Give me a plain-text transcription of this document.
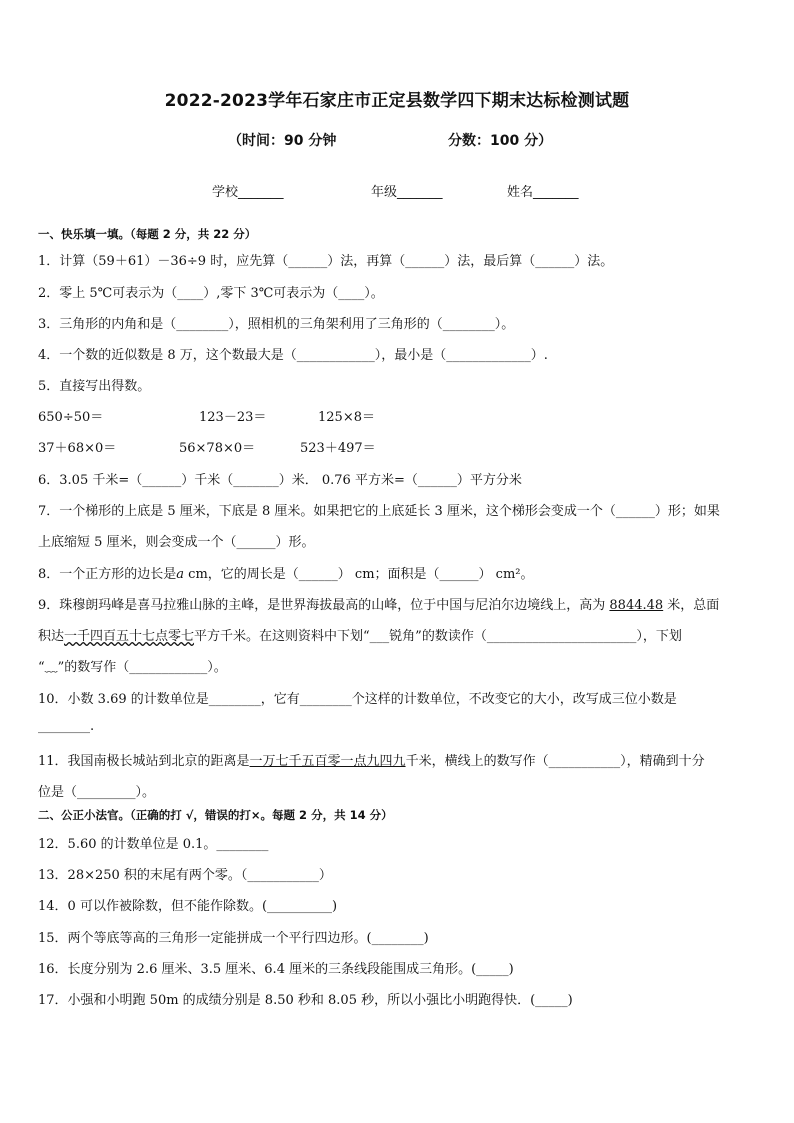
2022-2023学年石家庄市正定县数学四下期末达标检测试题
（时间：90 分钟	分数：100 分）
学校_______	年级_______	姓名_______
一、快乐填一填。（每题 2 分，共 22 分）
1．计算（59＋61）－36÷9 时，应先算（______）法，再算（______）法，最后算（______）法。
2．零上 5℃可表示为（____）,零下 3℃可表示为（____）。
3．三角形的内角和是（________），照相机的三角架利用了三角形的（________）。
4．一个数的近似数是 8 万，这个数最大是（____________），最小是（_____________）.
5．直接写出得数。
650÷50＝	123－23＝	125×8＝
37＋68×0＝	56×78×0＝	523＋497＝
6．3.05 千米=（______）千米（_______）米． 0.76 平方米=（______）平方分米
7．一个梯形的上底是 5 厘米，下底是 8 厘米。如果把它的上底延长 3 厘米，这个梯形会变成一个（______）形；如果
上底缩短 5 厘米，则会变成一个（______）形。
8．一个正方形的边长是a cm，它的周长是（______） cm；面积是（______） cm²。
9．珠穆朗玛峰是喜马拉雅山脉的主峰，是世界海拔最高的山峰，位于中国与尼泊尔边境线上，高为 8844.48 米，总面
积达一千四百五十七点零七平方千米。在这则资料中下划“___锐角”的数读作（_______________________），下划
“﹏”的数写作（____________）。
10．小数 3.69 的计数单位是________，它有________个这样的计数单位，不改变它的大小，改写成三位小数是
________.
11．我国南极长城站到北京的距离是一万七千五百零一点九四九千米，横线上的数写作（___________），精确到十分
位是（_________）。
二、公正小法官。（正确的打 √，错误的打×。每题 2 分，共 14 分）
12．5.60 的计数单位是 0.1。________
13．28×250 积的末尾有两个零。（___________）
14．0 可以作被除数，但不能作除数。(__________)
15．两个等底等高的三角形一定能拼成一个平行四边形。(________)
16．长度分别为 2.6 厘米、3.5 厘米、6.4 厘米的三条线段能围成三角形。(_____)
17．小强和小明跑 50m 的成绩分别是 8.50 秒和 8.05 秒，所以小强比小明跑得快．(_____)
